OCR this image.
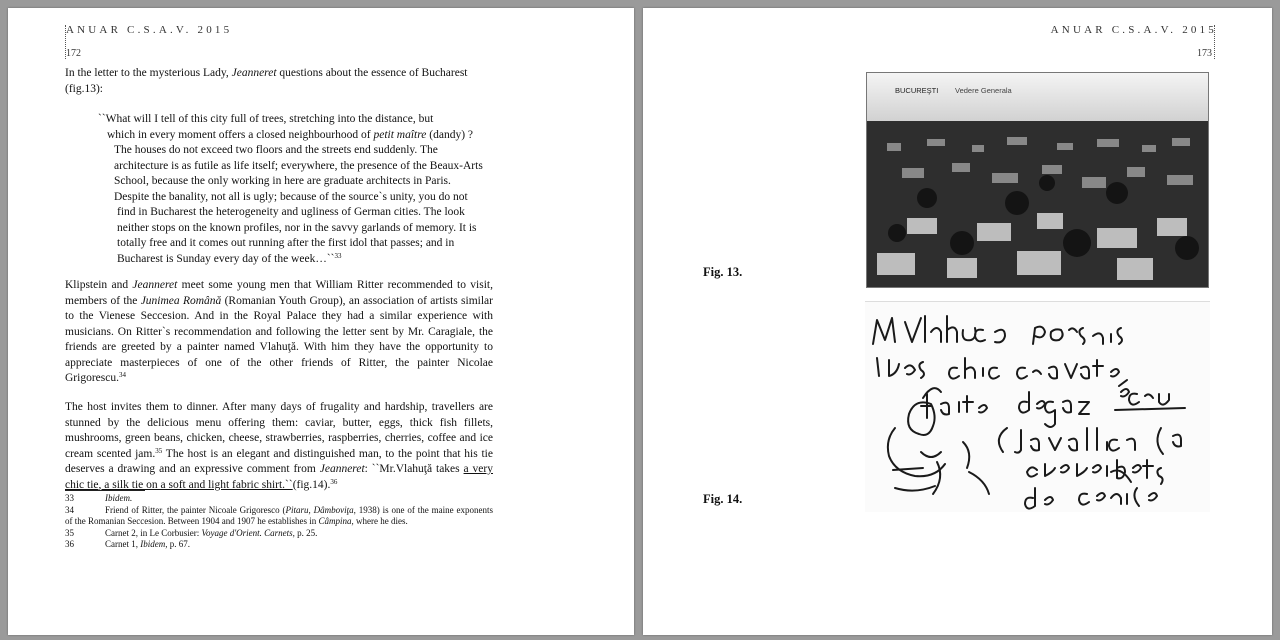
ANUAR C.S.A.V. 2015
172
In the letter to the mysterious Lady, Jeanneret questions about the essence of Bucharest (fig.13):
``What will I tell of this city full of trees, stretching into the distance, but
which in every moment offers a closed neighbourhood of petit maître (dandy) ?
The houses do not exceed two floors and the streets end suddenly. The
architecture is as futile as life itself; everywhere, the presence of the Beaux-Arts
School, because the only working in here are graduate architects in Paris.
Despite the banality, not all is ugly; because of the source`s unity, you do not
find in Bucharest the heterogeneity and ugliness of German cities. The look
neither stops on the known profiles, nor in the savvy garlands of memory. It is
totally free and it comes out running after the first idol that passes; and in
Bucharest is Sunday every day of the week…``$^{33}$
Klipstein and Jeanneret meet some young men that William Ritter recommended to visit, members of the Junimea Română (Romanian Youth Group), an association of artists similar to the Vienese Seccesion. And in the Royal Palace they had a similar experience with musicians. On Ritter`s recommendation and following the letter sent by Mr. Caragiale, the friends are greeted by a painter named Vlahuţă. With him they have the opportunity to appreciate masterpieces of one of the other friends of Ritter, the painter Nicolae Grigorescu.$^{34}$
The host invites them to dinner. After many days of frugality and hardship, travellers are stunned by the delicious menu offering them: caviar, butter, eggs, thick fish fillets, mushrooms, green beans, chicken, cheese, strawberries, raspberries, cherries, coffee and ice cream scented jam.$^{35}$ The host is an elegant and distinguished man, to the point that his tie deserves a drawing and an expressive comment from Jeanneret: ``Mr.Vlahuţă takes a very chic tie, a silk tie on a soft and light fabric shirt.``(fig.14).$^{36}$
33	Ibidem.
34	Friend of Ritter, the painter Nicoale Grigoresco (Pitaru, Dâmboviţa, 1938) is one of the maine exponents of the Romanian Seccesion. Between 1904 and 1907 he establishes in Câmpina, where he dies.
35	Carnet 2, in Le Corbusier: Voyage d'Orient. Carnets, p. 25.
36	Carnet 1, Ibidem, p. 67.
ANUAR C.S.A.V. 2015
173
Fig. 13.
Fig. 14.
BUCUREŞTI Vedere Generala
M Vlahuca porsais . tres chic cravate . faite de gaz écru (lavalliere) sur chemisette de meme etoffe legere.
